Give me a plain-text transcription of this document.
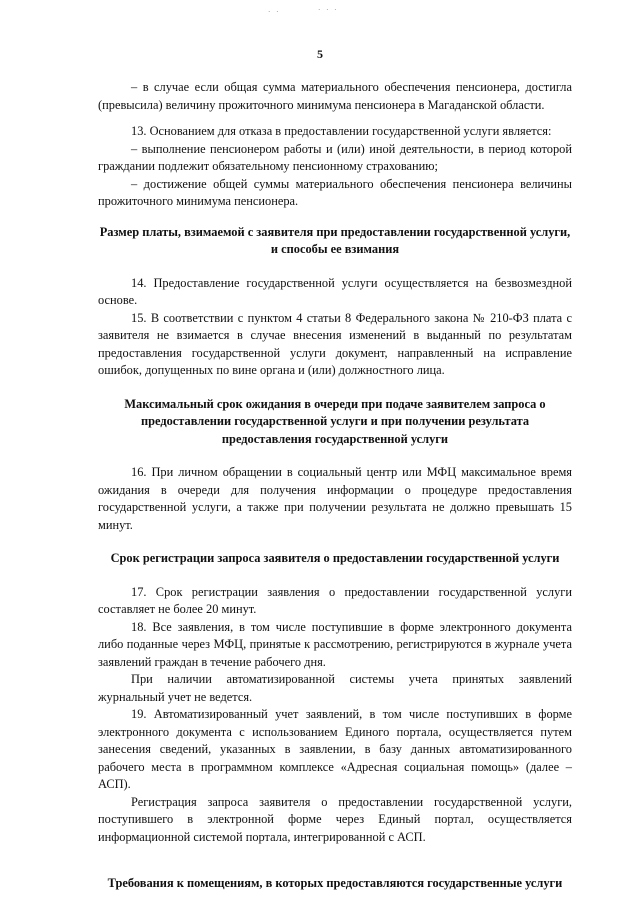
· ·	· · ·
5

– в случае если общая сумма материального обеспечения пенсионера, достигла (превысила) величину прожиточного минимума пенсионера в Магаданской области.

13. Основанием для отказа в предоставлении государственной услуги является:

– выполнение пенсионером работы и (или) иной деятельности, в период которой граждании подлежит обязательному пенсионному страхованию;

– достижение общей суммы материального обеспечения пенсионера величины прожиточного минимума пенсионера.

Размер платы, взимаемой с заявителя при предоставлении государственной услуги, и способы ее взимания

14. Предоставление государственной услуги осуществляется на безвозмездной основе.

15. В соответствии с пунктом 4 статьи 8 Федерального закона № 210-ФЗ плата с заявителя не взимается в случае внесения изменений в выданный по результатам предоставления государственной услуги документ, направленный на исправление ошибок, допущенных по вине органа и (или) должностного лица.

Максимальный срок ожидания в очереди при подаче заявителем запроса о предоставлении государственной услуги и при получении результата предоставления государственной услуги

16. При личном обращении в социальный центр или МФЦ максимальное время ожидания в очереди для получения информации о процедуре предоставления государственной услуги, а также при получении результата не должно превышать 15 минут.

Срок регистрации запроса заявителя о предоставлении государственной услуги

17. Срок регистрации заявления о предоставлении государственной услуги составляет не более 20 минут.

18. Все заявления, в том числе поступившие в форме электронного документа либо поданные через МФЦ, принятые к рассмотрению, регистрируются в журнале учета заявлений граждан в течение рабочего дня.

При наличии автоматизированной системы учета принятых заявлений журнальный учет не ведется.

19. Автоматизированный учет заявлений, в том числе поступивших в форме электронного документа с использованием Единого портала, осуществляется путем занесения сведений, указанных в заявлении, в базу данных автоматизированного рабочего места в программном комплексе «Адресная социальная помощь» (далее – АСП).

Регистрация запроса заявителя о предоставлении государственной услуги, поступившего в электронной форме через Единый портал, осуществляется информационной системой портала, интегрированной с АСП.

Требования к помещениям, в которых предоставляются государственные услуги
